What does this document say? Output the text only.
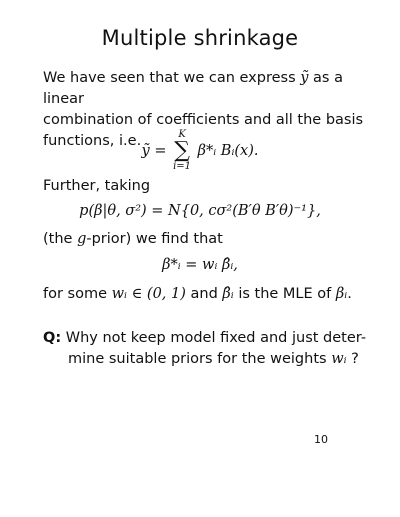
Multiple shrinkage
We have seen that we can express ỹ as a linear
combination of coefficients and all the basis
functions, i.e.
ỹ =
K
∑
i=1
β*ᵢ Bᵢ(x).
Further, taking
p(β|θ, σ²) = N{0, cσ²(B′θ B′θ)⁻¹},
(the g-prior) we find that
β*ᵢ = wᵢ β̂ᵢ,
for some wᵢ ∈ (0, 1) and β̂ᵢ is the MLE of βᵢ.
Q: Why not keep model fixed and just deter-
mine suitable priors for the weights wᵢ ?
10
